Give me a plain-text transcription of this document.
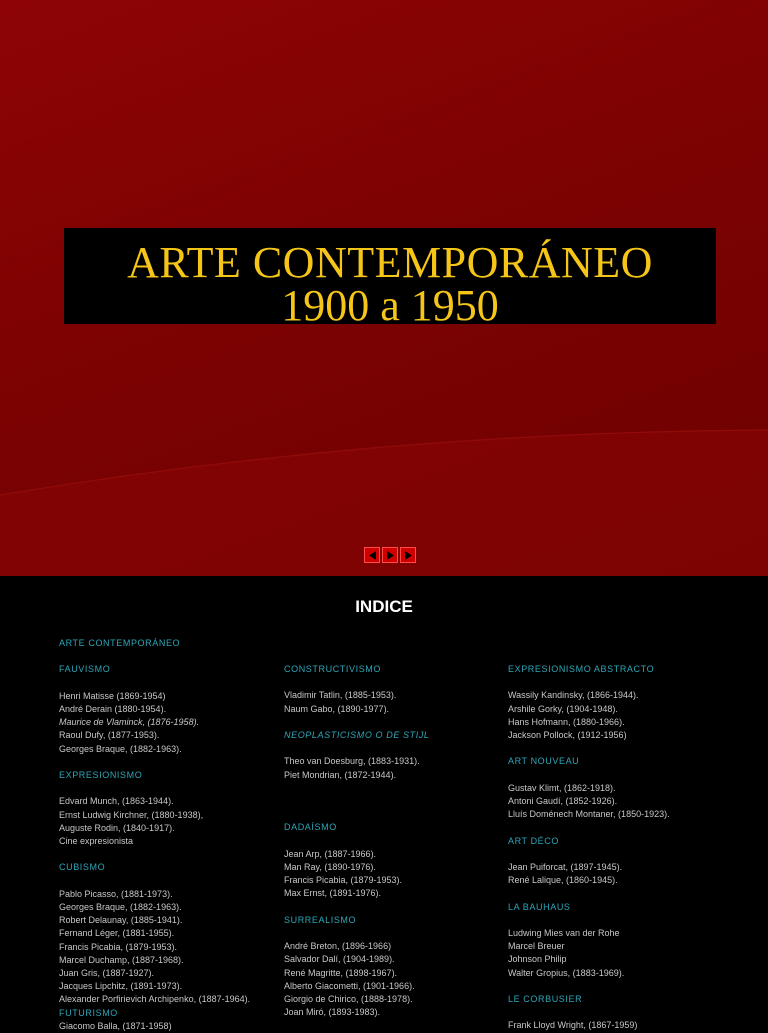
ARTE CONTEMPORÁNEO
1900 a 1950
INDICE
ARTE CONTEMPORÁNEO
FAUVISMO
Henri Matisse (1869-1954)
André Derain (1880-1954).
Maurice de Vlaminck, (1876-1958).
Raoul Dufy, (1877-1953).
Georges Braque, (1882-1963).
EXPRESIONISMO
Edvard Munch, (1863-1944).
Ernst Ludwig Kirchner, (1880-1938),
Auguste Rodin, (1840-1917).
Cine expresionista
CUBISMO
Pablo Picasso, (1881-1973).
Georges Braque, (1882-1963).
Robert Delaunay, (1885-1941).
Fernand Léger, (1881-1955).
Francis Picabia, (1879-1953).
Marcel Duchamp, (1887-1968).
Juan Gris, (1887-1927).
Jacques Lipchitz, (1891-1973).
Alexander Porfirievich Archipenko, (1887-1964).
FUTURISMO
Giacomo Balla, (1871-1958)
CONSTRUCTIVISMO
Vladimir Tatlin, (1885-1953).
Naum Gabo, (1890-1977).
NEOPLASTICISMO O DE STIJL
Theo van Doesburg, (1883-1931).
Piet Mondrian, (1872-1944).
DADAÍSMO
Jean Arp, (1887-1966).
Man Ray, (1890-1976).
Francis Picabia, (1879-1953).
Max Ernst, (1891-1976).
SURREALISMO
André Breton, (1896-1966)
Salvador Dalí, (1904-1989).
René Magritte, (1898-1967).
Alberto Giacometti, (1901-1966).
Giorgio de Chirico, (1888-1978).
Joan Miró, (1893-1983).
EXPRESIONISMO ABSTRACTO
Wassily Kandinsky, (1866-1944).
Arshile Gorky, (1904-1948).
Hans Hofmann, (1880-1966).
Jackson Pollock, (1912-1956)
ART NOUVEAU
Gustav Klimt, (1862-1918).
Antoni Gaudí, (1852-1926).
Lluís Doménech Montaner, (1850-1923).
ART DÉCO
Jean Puiforcat, (1897-1945).
René Lalique, (1860-1945).
LA BAUHAUS
Ludwing Mies van der Rohe
Marcel Breuer
Johnson Philip
Walter Gropius, (1883-1969).
LE CORBUSIER
Frank Lloyd Wright, (1867-1959)
